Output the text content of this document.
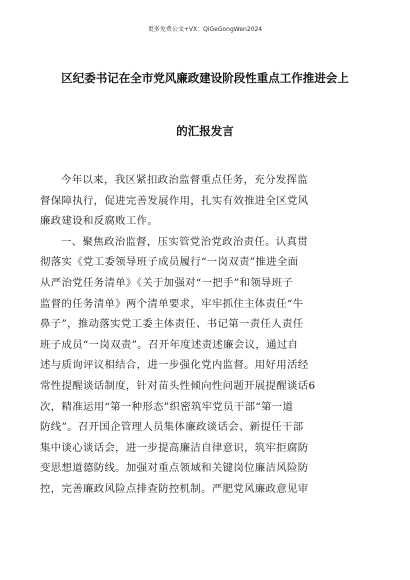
更多免费公文+VX：QiGeGongWen2024
区纪委书记在全市党风廉政建设阶段性重点工作推进会上
的汇报发言
今年以来，我区紧扣政治监督重点任务，充分发挥监
督保障执行，促进完善发展作用，扎实有效推进全区党风
廉政建设和反腐败工作。
一、聚焦政治监督，压实管党治党政治责任。认真贯
彻落实《党工委领导班子成员履行“一岗双责”推进全面
从严治党任务清单》《关于加强对“一把手”和领导班子
监督的任务清单》两个清单要求，牢牢抓住主体责任“牛
鼻子”，推动落实党工委主体责任、书记第一责任人责任
班子成员“一岗双责”。召开年度述责述廉会议，通过自
述与质询评议相结合，进一步强化党内监督。用好用活经
常性提醒谈话制度，针对苗头性倾向性问题开展提醒谈话6
次，精准运用“第一种形态”织密筑牢党员干部“第一道
防线”。召开国企管理人员集体廉政谈话会、新提任干部
集中谈心谈话会，进一步提高廉洁自律意识，筑牢拒腐防
变思想道德防线。加强对重点领域和关键岗位廉洁风险防
控，完善廉政风险点排查防控机制。严肥党风廉政意见审
